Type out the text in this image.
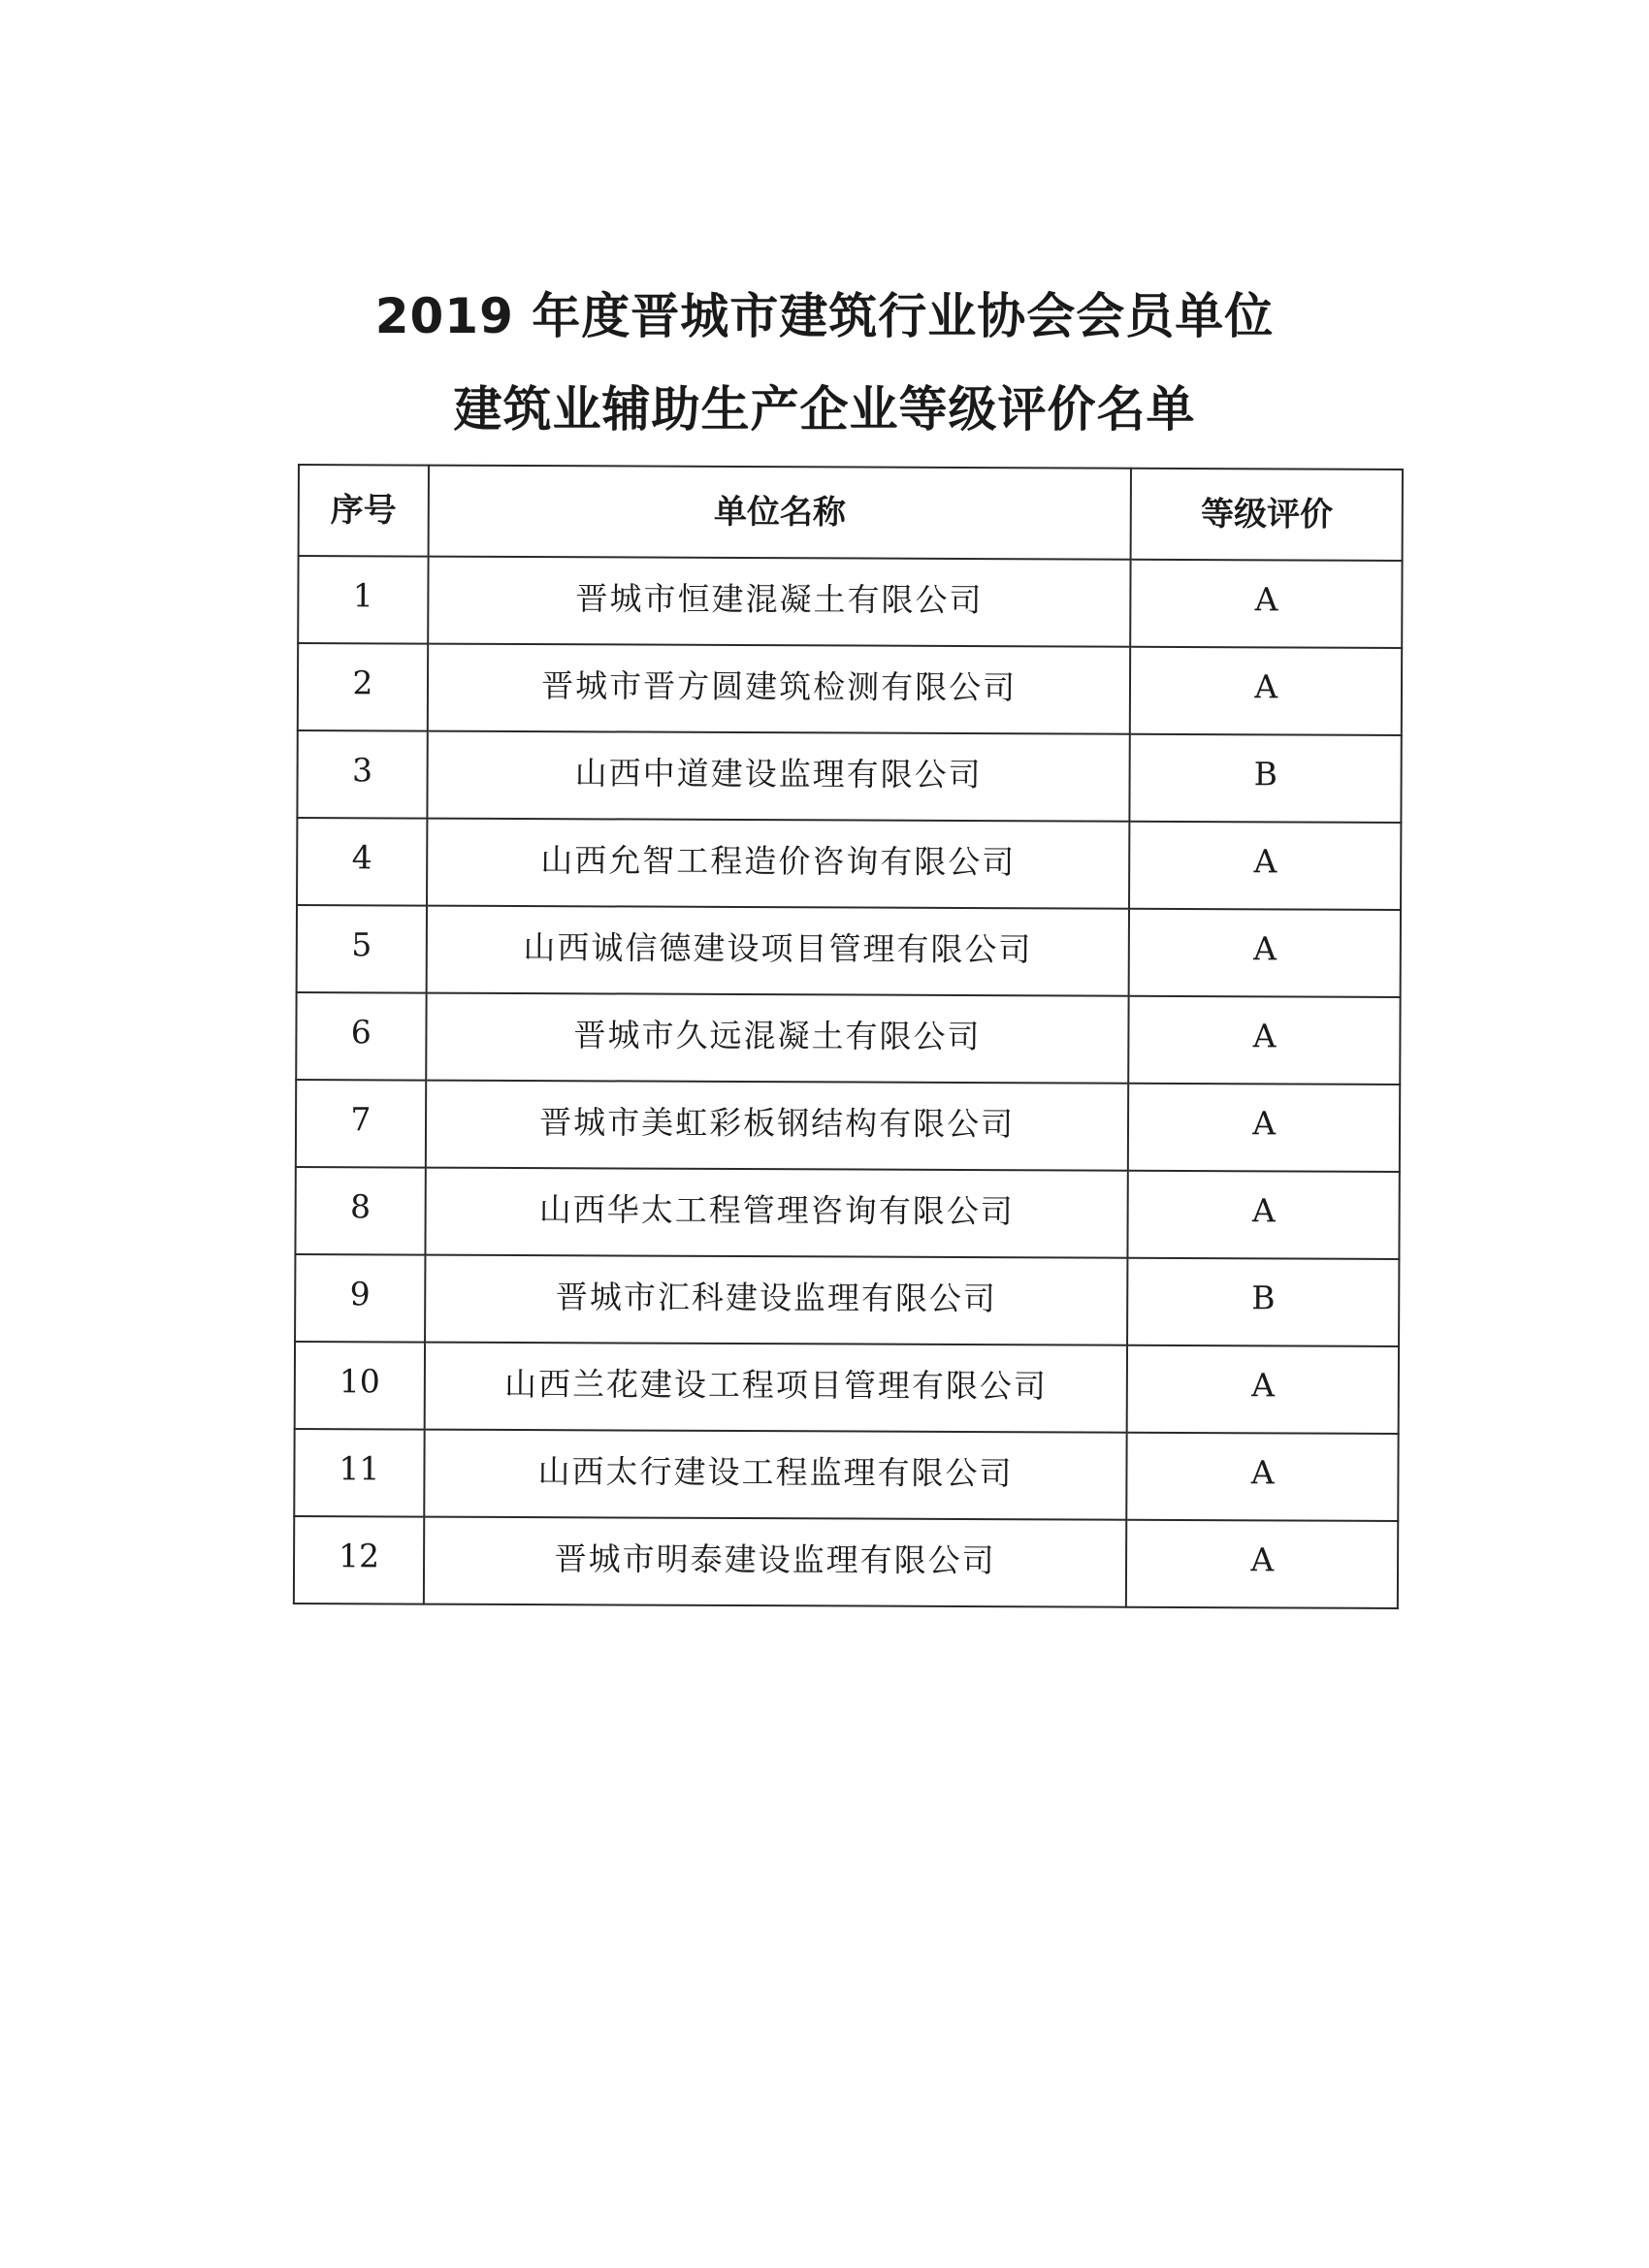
2019 年度晋城市建筑行业协会会员单位
建筑业辅助生产企业等级评价名单
序号	单位名称	等级评价
1	晋城市恒建混凝土有限公司	A
2	晋城市晋方圆建筑检测有限公司	A
3	山西中道建设监理有限公司	B
4	山西允智工程造价咨询有限公司	A
5	山西诚信德建设项目管理有限公司	A
6	晋城市久远混凝土有限公司	A
7	晋城市美虹彩板钢结构有限公司	A
8	山西华太工程管理咨询有限公司	A
9	晋城市汇科建设监理有限公司	B
10	山西兰花建设工程项目管理有限公司	A
11	山西太行建设工程监理有限公司	A
12	晋城市明泰建设监理有限公司	A
